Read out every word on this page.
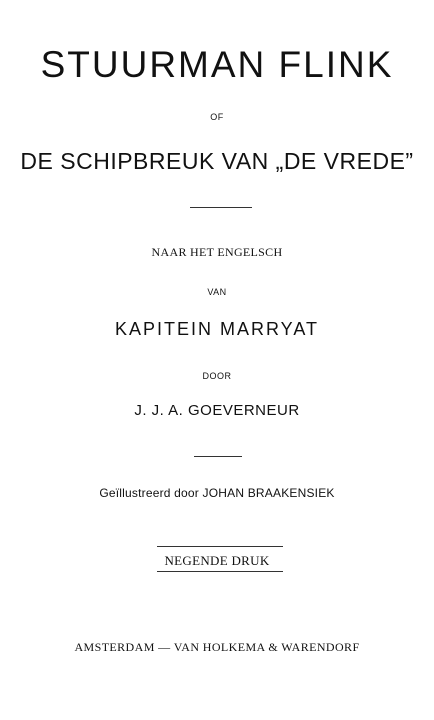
STUURMAN FLINK
OF
DE SCHIPBREUK VAN „DE VREDE”
NAAR HET ENGELSCH
VAN
KAPITEIN MARRYAT
DOOR
J. J. A. GOEVERNEUR
Geïllustreerd door JOHAN BRAAKENSIEK
NEGENDE DRUK
AMSTERDAM — VAN HOLKEMA & WARENDORF
